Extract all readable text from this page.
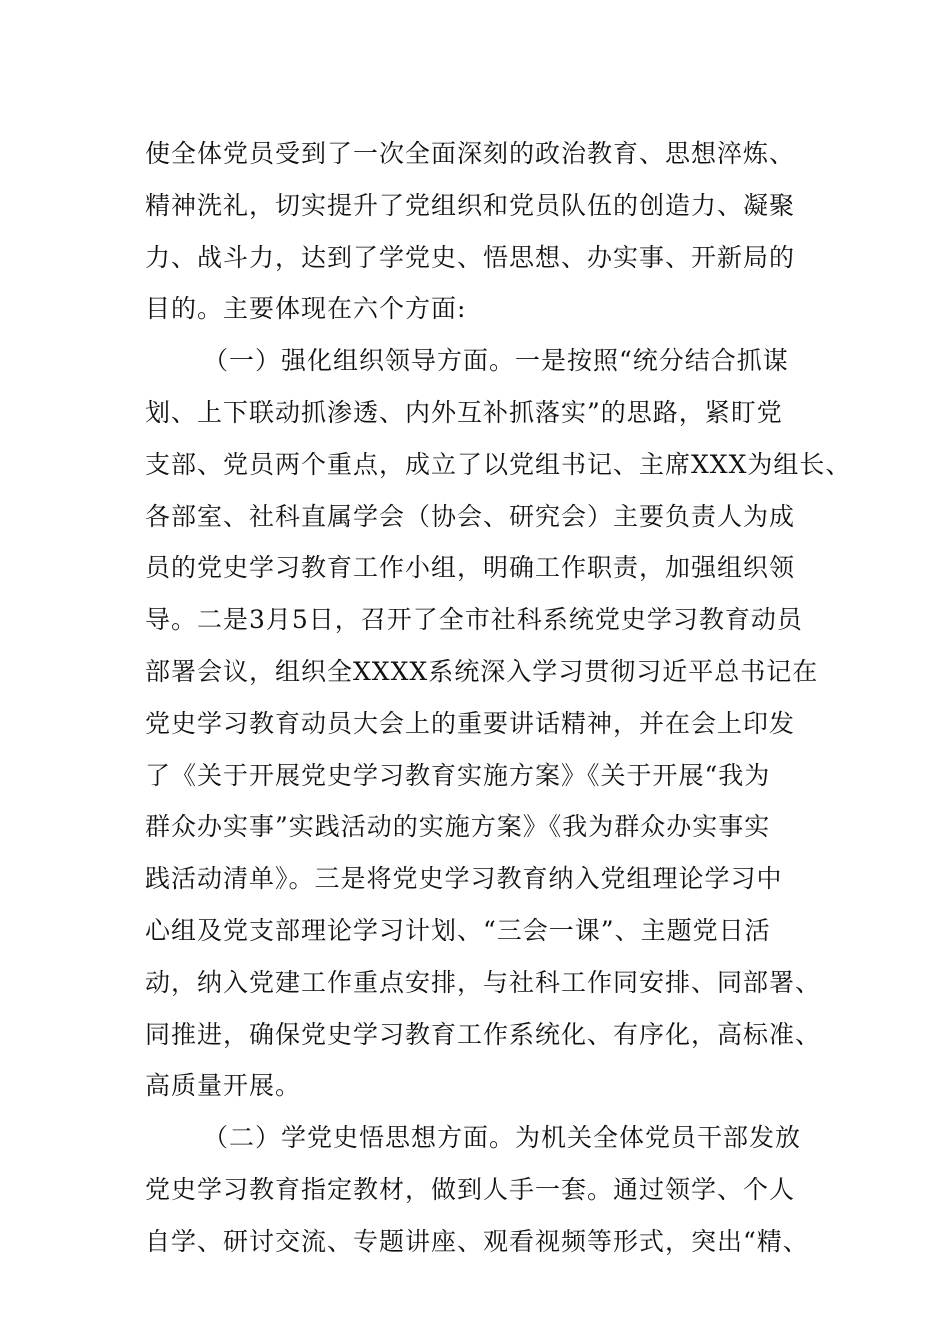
使全体党员受到了一次全面深刻的政治教育、思想淬炼、
精神洗礼，切实提升了党组织和党员队伍的创造力、凝聚
力、战斗力，达到了学党史、悟思想、办实事、开新局的
目的。主要体现在六个方面:
（一）强化组织领导方面。一是按照“统分结合抓谋
划、上下联动抓渗透、内外互补抓落实”的思路，紧盯党
支部、党员两个重点，成立了以党组书记、主席XXX为组长、
各部室、社科直属学会（协会、研究会）主要负责人为成
员的党史学习教育工作小组，明确工作职责，加强组织领
导。二是3月5日，召开了全市社科系统党史学习教育动员
部署会议，组织全XXXX系统深入学习贯彻习近平总书记在
党史学习教育动员大会上的重要讲话精神，并在会上印发
了《关于开展党史学习教育实施方案》《关于开展“我为
群众办实事”实践活动的实施方案》《我为群众办实事实
践活动清单》。三是将党史学习教育纳入党组理论学习中
心组及党支部理论学习计划、“三会一课”、主题党日活
动，纳入党建工作重点安排，与社科工作同安排、同部署、
同推进，确保党史学习教育工作系统化、有序化，高标准、
高质量开展。
（二）学党史悟思想方面。为机关全体党员干部发放
党史学习教育指定教材，做到人手一套。通过领学、个人
自学、研讨交流、专题讲座、观看视频等形式，突出“精、
